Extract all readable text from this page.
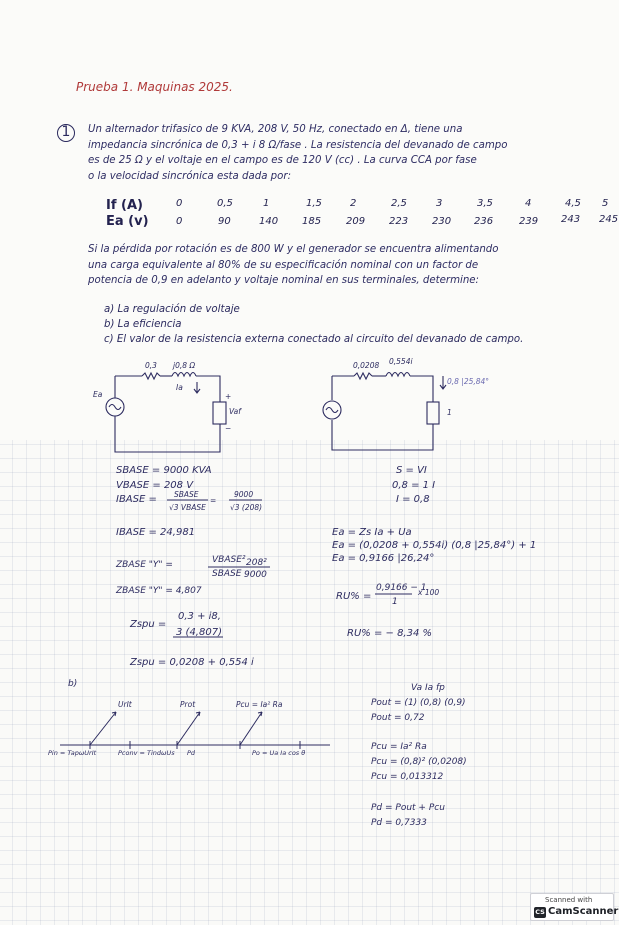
Prueba 1. Maquinas 2025.
1	Un alternador trifasico de 9 KVA, 208 V, 50 Hz, conectado en Δ, tiene una
impedancia sincrónica de 0,3 + i 8 Ω/fase . La resistencia del devanado de campo
es de 25 Ω y el voltaje en el campo es de 120 V (cc) . La curva CCA por fase
o la velocidad sincrónica esta dada por:
If (A)	0	0,5	1	1,5	2	2,5	3	3,5	4	4,5 5
Ea (v)	0	90	140 185 209 223 230 236	239 243 245
Si la pérdida por rotación es de 800 W y el generador se encuentra alimentando
una carga equivalente al 80% de su especificación nominal con un factor de
potencia de 0,9 en adelanto y voltaje nominal en sus terminales, determine:
a) La regulación de voltaje
b) La eficiencia
c) El valor de la resistencia externa conectado al circuito del devanado de campo.
0,3 j0,8 Ω
Ia
Ea
Vaf
+
−
0,0208 0,554i
0,8 |25,84°
1
SBASE = 9000 KVA
VBASE = 208 V
IBASE = SBASE
√3 VBASE
=
9000
√3 (208)
IBASE = 24,981
ZBASE "Y" =	VBASE²
SBASE
208²
9000
ZBASE "Y" = 4,807
Zspu =
0,3 + i8,
3 (4,807)
Zspu = 0,0208 + 0,554 i
S = VI
0,8 = 1 I
I = 0,8
Ea = Zs Ia + Ua
Ea = (0,0208 + 0,554i) (0,8 |25,84°) + 1
Ea = 0,9166 |26,24°
RU% =
0,9166 − 1
1
x 100
RU% = − 8,34 %
b)
UrIt	Prot	Pcu = Ia² Ra
Pin = TapωUrIt	Pconv = TindωUs Pd	Po = Ua Ia cos θ
Va Ia fp
Pout = (1) (0,8) (0,9)
Pout = 0,72
Pcu = Ia² Ra
Pcu = (0,8)² (0,0208)
Pcu = 0,013312
Pd = Pout + Pcu
Pd = 0,7333
Scanned with
CS CamScanner
